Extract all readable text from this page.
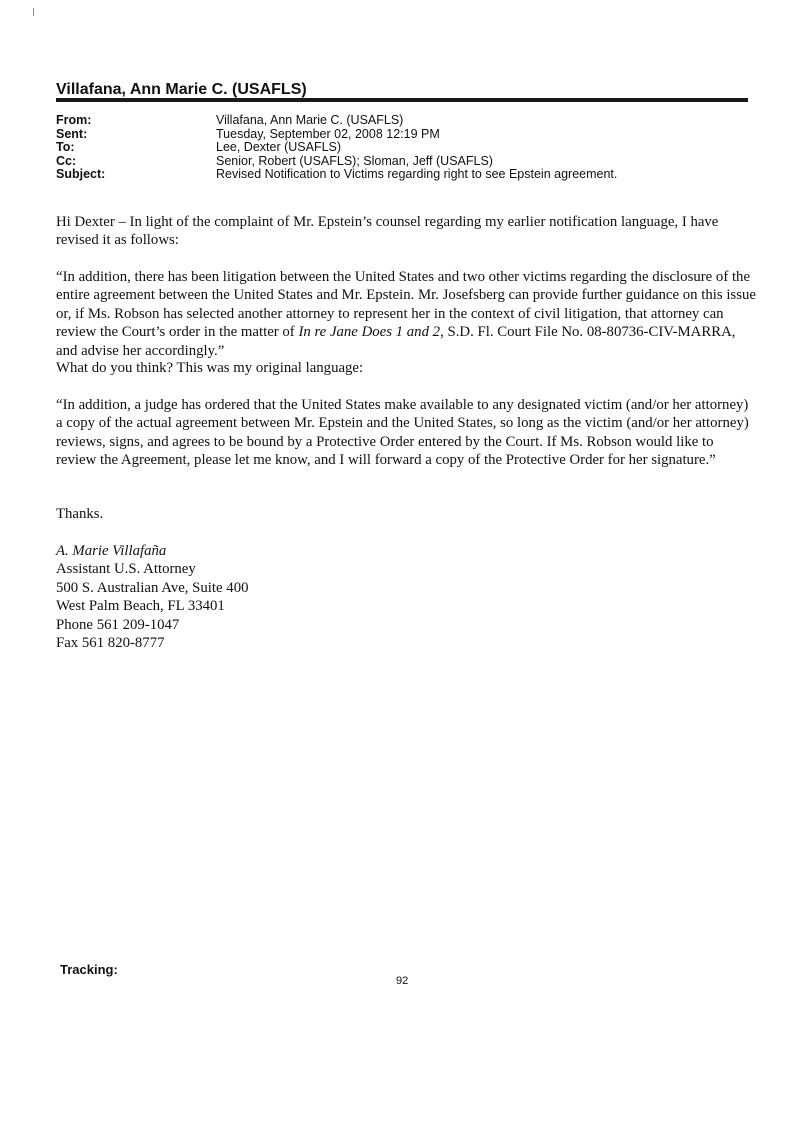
Villafana, Ann Marie C. (USAFLS)
From:	Villafana, Ann Marie C. (USAFLS)
Sent:	Tuesday, September 02, 2008 12:19 PM
To:	Lee, Dexter (USAFLS)
Cc:	Senior, Robert (USAFLS); Sloman, Jeff (USAFLS)
Subject:	Revised Notification to Victims regarding right to see Epstein agreement.

Hi Dexter – In light of the complaint of Mr. Epstein’s counsel regarding my earlier notification language, I have revised it as follows:

“In addition, there has been litigation between the United States and two other victims regarding the disclosure of the entire agreement between the United States and Mr. Epstein. Mr. Josefsberg can provide further guidance on this issue or, if Ms. Robson has selected another attorney to represent her in the context of civil litigation, that attorney can review the Court’s order in the matter of In re Jane Does 1 and 2, S.D. Fl. Court File No. 08-80736-CIV-MARRA, and advise her accordingly.”

What do you think? This was my original language:

“In addition, a judge has ordered that the United States make available to any designated victim (and/or her attorney) a copy of the actual agreement between Mr. Epstein and the United States, so long as the victim (and/or her attorney) reviews, signs, and agrees to be bound by a Protective Order entered by the Court. If Ms. Robson would like to review the Agreement, please let me know, and I will forward a copy of the Protective Order for her signature.”

Thanks.

A. Marie Villafaña
Assistant U.S. Attorney
500 S. Australian Ave, Suite 400
West Palm Beach, FL 33401
Phone 561 209-1047
Fax 561 820-8777
Tracking:
92
